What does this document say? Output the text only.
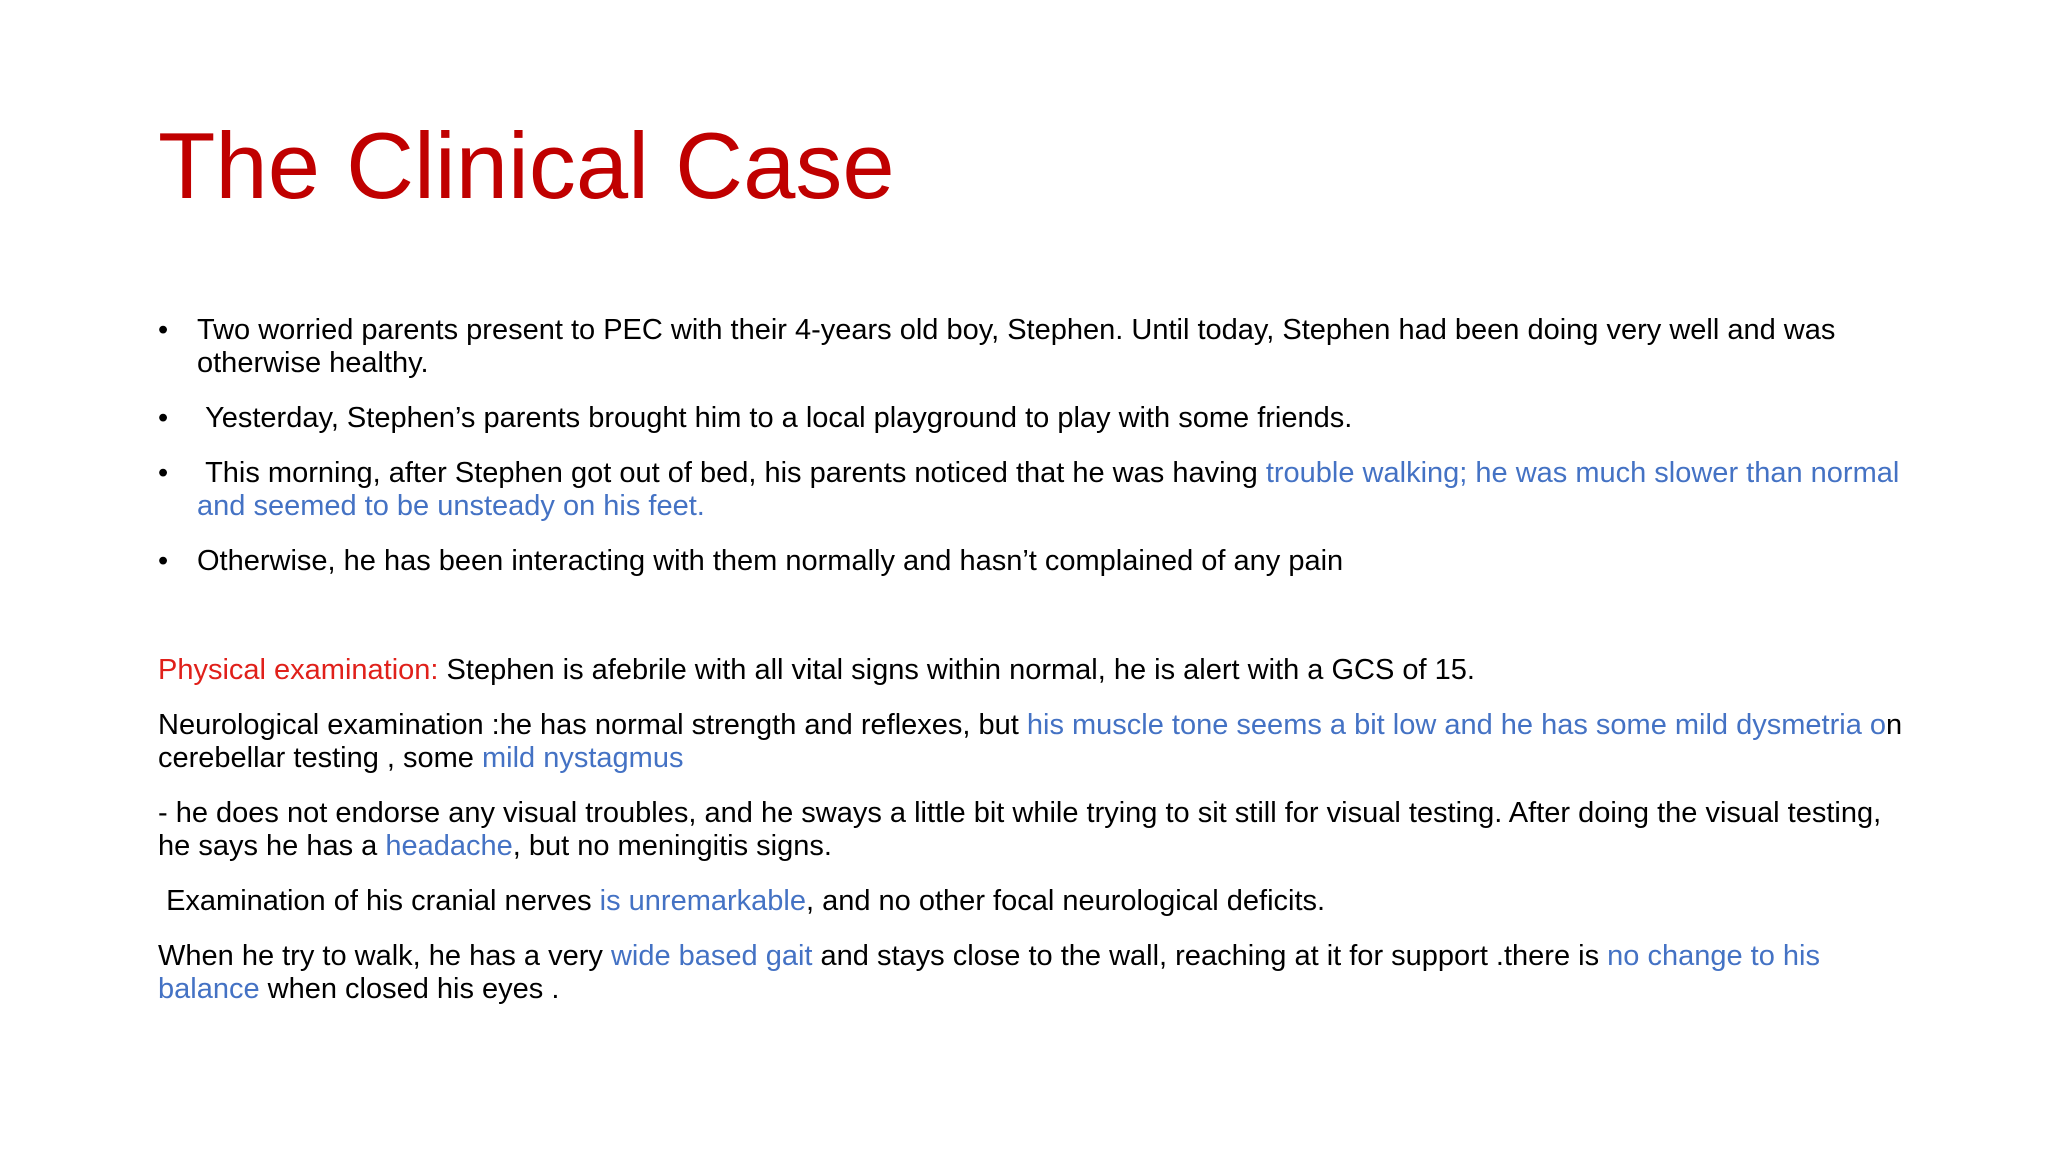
The Clinical Case
• Two worried parents present to PEC with their 4-years old boy, Stephen. Until today, Stephen had been doing very well and was otherwise healthy.
• Yesterday, Stephen’s parents brought him to a local playground to play with some friends.
• This morning, after Stephen got out of bed, his parents noticed that he was having trouble walking; he was much slower than normal and seemed to be unsteady on his feet.
• Otherwise, he has been interacting with them normally and hasn’t complained of any pain

Physical examination: Stephen is afebrile with all vital signs within normal, he is alert with a GCS of 15.

Neurological examination :he has normal strength and reflexes, but his muscle tone seems a bit low and he has some mild dysmetria on cerebellar testing , some mild nystagmus

- he does not endorse any visual troubles, and he sways a little bit while trying to sit still for visual testing. After doing the visual testing, he says he has a headache, but no meningitis signs.

Examination of his cranial nerves is unremarkable, and no other focal neurological deficits.

When he try to walk, he has a very wide based gait and stays close to the wall, reaching at it for support .there is no change to his balance when closed his eyes .
